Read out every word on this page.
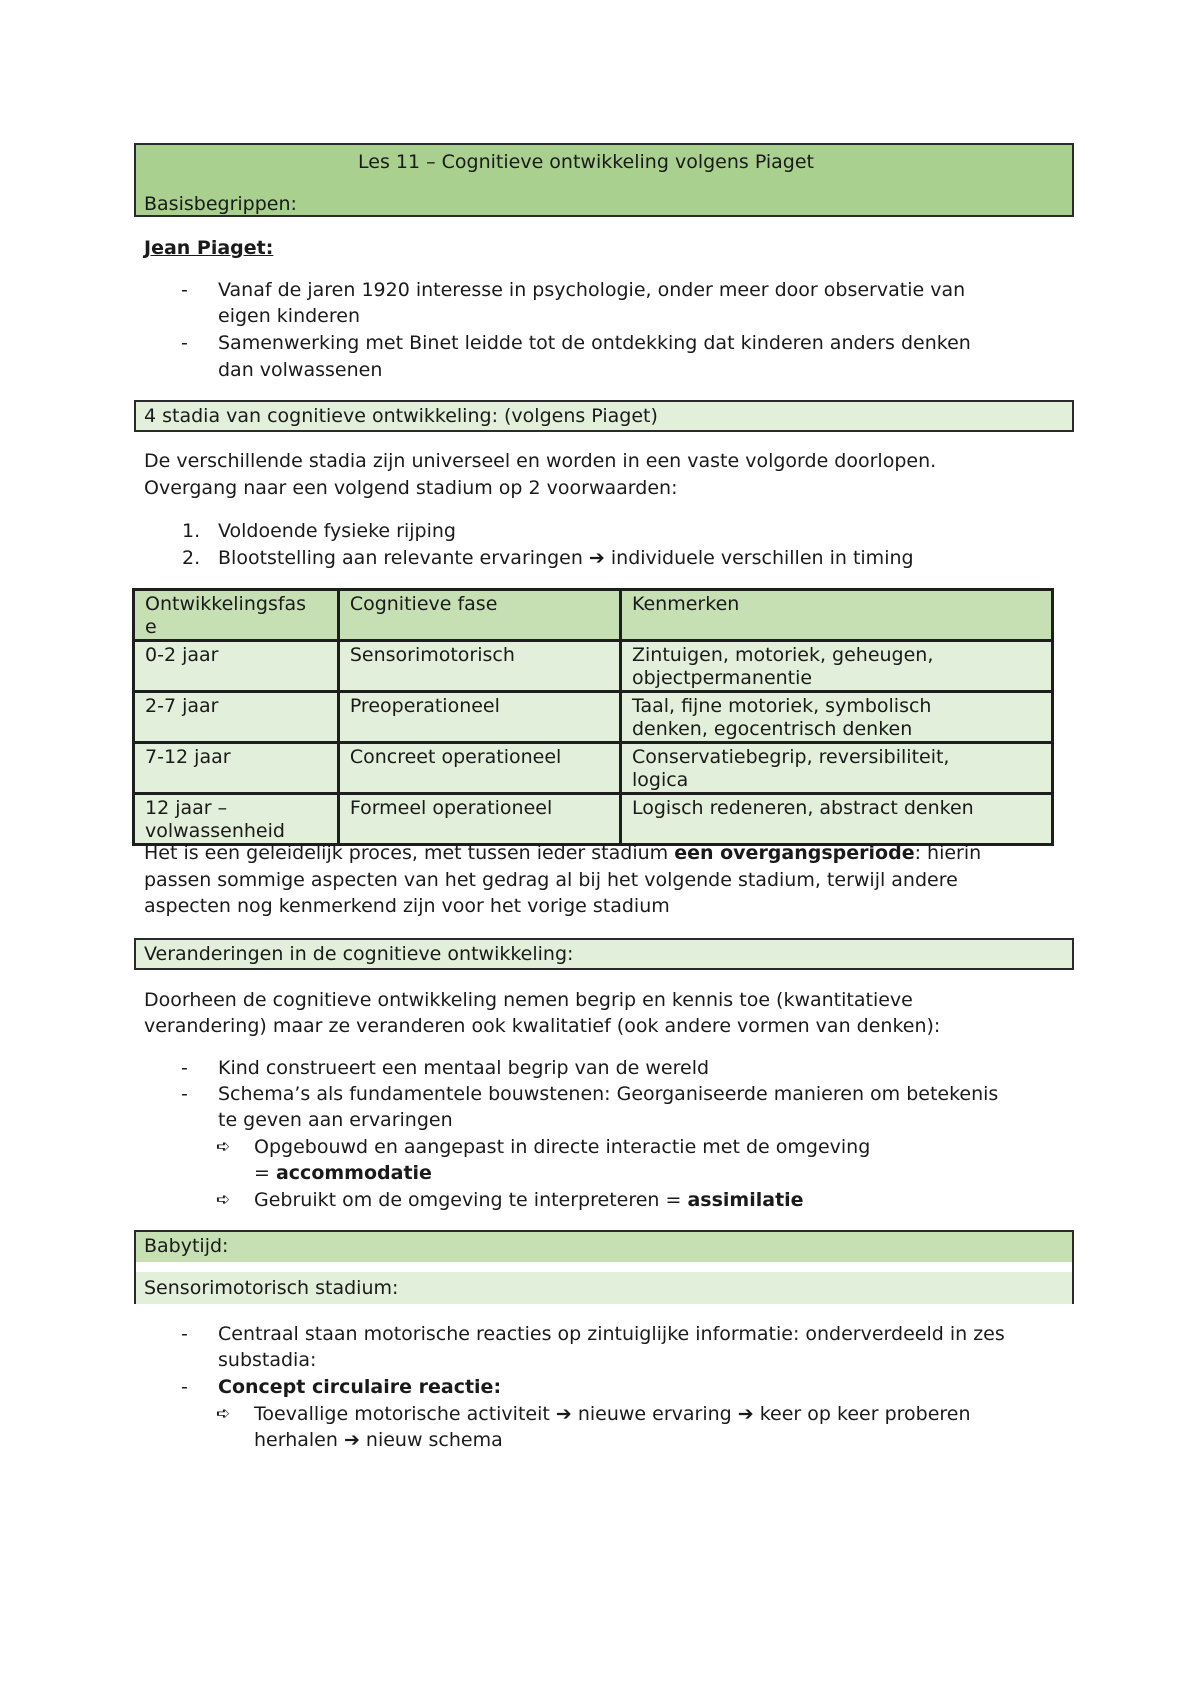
Les 11 – Cognitieve ontwikkeling volgens Piaget
Basisbegrippen:
Jean Piaget:
- Vanaf de jaren 1920 interesse in psychologie, onder meer door observatie van
eigen kinderen
- Samenwerking met Binet leidde tot de ontdekking dat kinderen anders denken
dan volwassenen
4 stadia van cognitieve ontwikkeling: (volgens Piaget)
De verschillende stadia zijn universeel en worden in een vaste volgorde doorlopen.
Overgang naar een volgend stadium op 2 voorwaarden:
1. Voldoende fysieke rijping
2. Blootstelling aan relevante ervaringen ➔ individuele verschillen in timing
Ontwikkelingsfas
e	Cognitieve fase	Kenmerken
0-2 jaar	Sensorimotorisch	Zintuigen, motoriek, geheugen,
objectpermanentie
2-7 jaar	Preoperationeel	Taal, fijne motoriek, symbolisch
denken, egocentrisch denken
7-12 jaar	Concreet operationeel	Conservatiebegrip, reversibiliteit,
logica
12 jaar –
volwassenheid	Formeel operationeel	Logisch redeneren, abstract denken
Het is een geleidelijk proces, met tussen ieder stadium een overgangsperiode: hierin
passen sommige aspecten van het gedrag al bij het volgende stadium, terwijl andere
aspecten nog kenmerkend zijn voor het vorige stadium
Veranderingen in de cognitieve ontwikkeling:
Doorheen de cognitieve ontwikkeling nemen begrip en kennis toe (kwantitatieve
verandering) maar ze veranderen ook kwalitatief (ook andere vormen van denken):
- Kind construeert een mentaal begrip van de wereld
- Schema’s als fundamentele bouwstenen: Georganiseerde manieren om betekenis
te geven aan ervaringen
➪ Opgebouwd en aangepast in directe interactie met de omgeving
= accommodatie
➪ Gebruikt om de omgeving te interpreteren = assimilatie
Babytijd:
Sensorimotorisch stadium:
- Centraal staan motorische reacties op zintuiglijke informatie: onderverdeeld in zes
substadia:
- Concept circulaire reactie:
➪ Toevallige motorische activiteit ➔ nieuwe ervaring ➔ keer op keer proberen
herhalen ➔ nieuw schema
